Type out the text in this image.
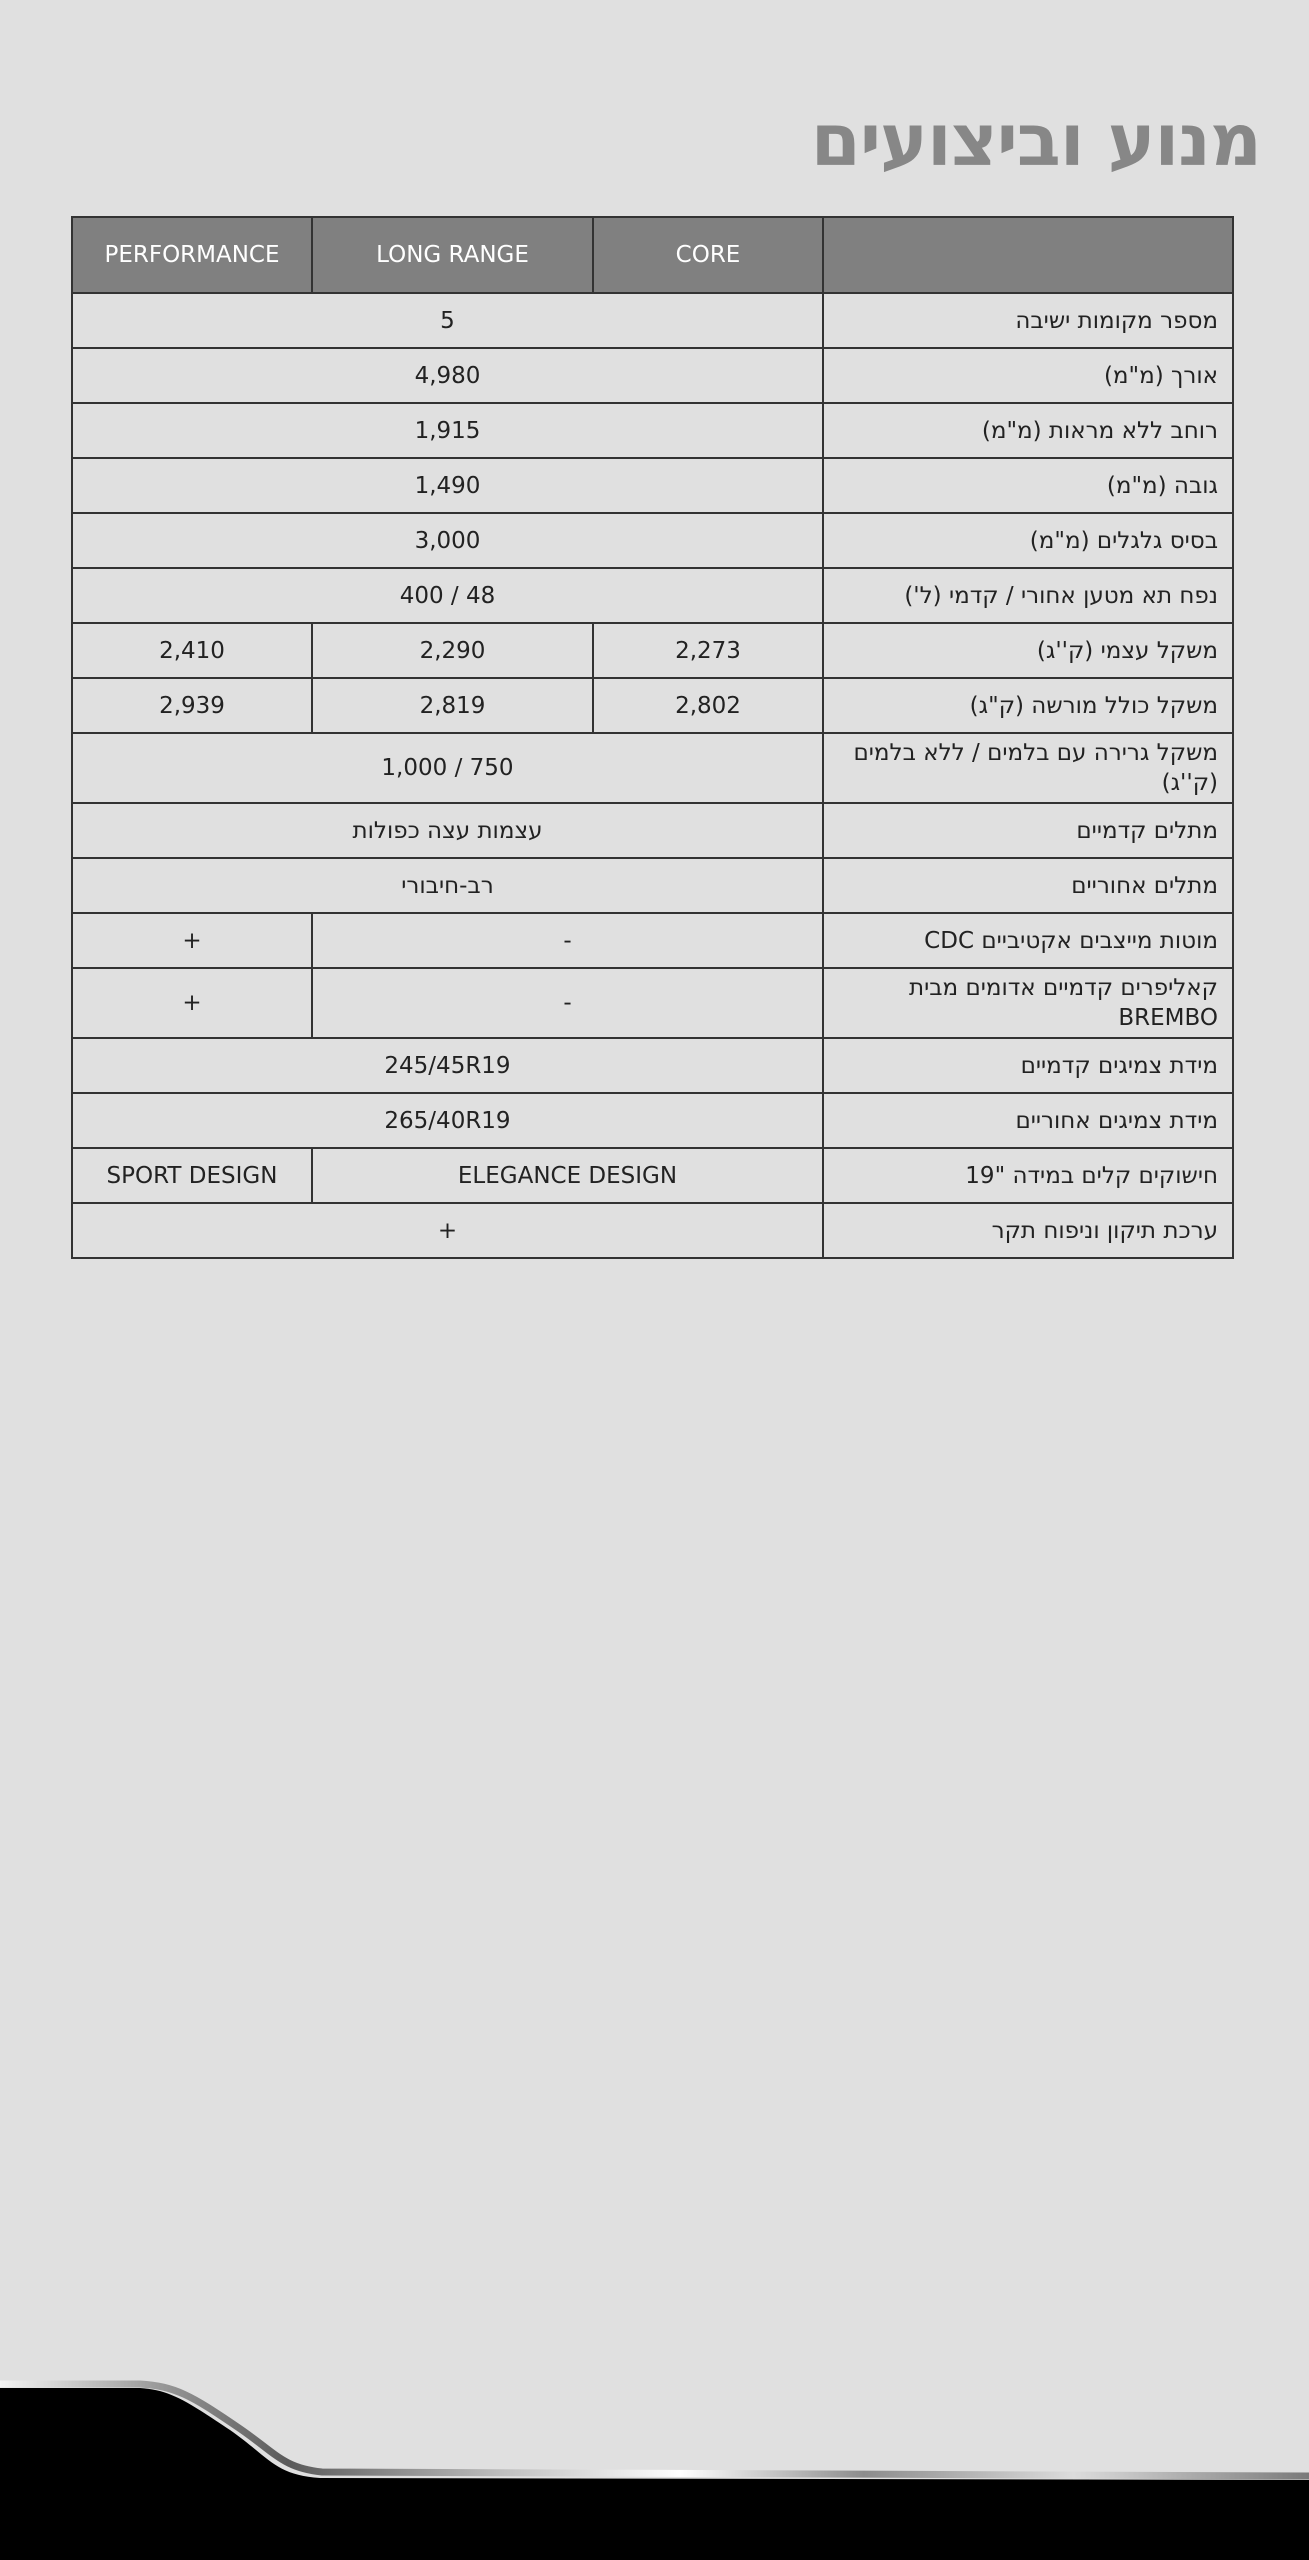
מנוע וביצועים
	CORE	LONG RANGE	PERFORMANCE
מספר מקומות ישיבה	5		
אורך (מ"מ)	4,980		
רוחב ללא מראות (מ"מ)	1,915		
גובה (מ"מ)	1,490		
בסיס גלגלים (מ"מ)	3,000		
נפח תא מטען אחורי / קדמי (ל')	48 / 400		
משקל עצמי (ק''ג)	2,273	2,290	2,410
משקל כולל מורשה (ק"ג)	2,802	2,819	2,939
משקל גרירה עם בלמים / ללא בלמים (ק''ג)	750 / 1,000		
מתלים קדמיים	עצמות עצה כפולות		
מתלים אחוריים	רב-חיבורי		
מוטות מייצבים אקטיביים CDC	-		+
קאליפרים קדמיים אדומים מבית BREMBO	-		+
מידת צמיגים קדמיים	245/45R19		
מידת צמיגים אחוריים	265/40R19		
חישוקים קלים במידה "19	ELEGANCE DESIGN		SPORT DESIGN
ערכת תיקון וניפוח תקר	+		
